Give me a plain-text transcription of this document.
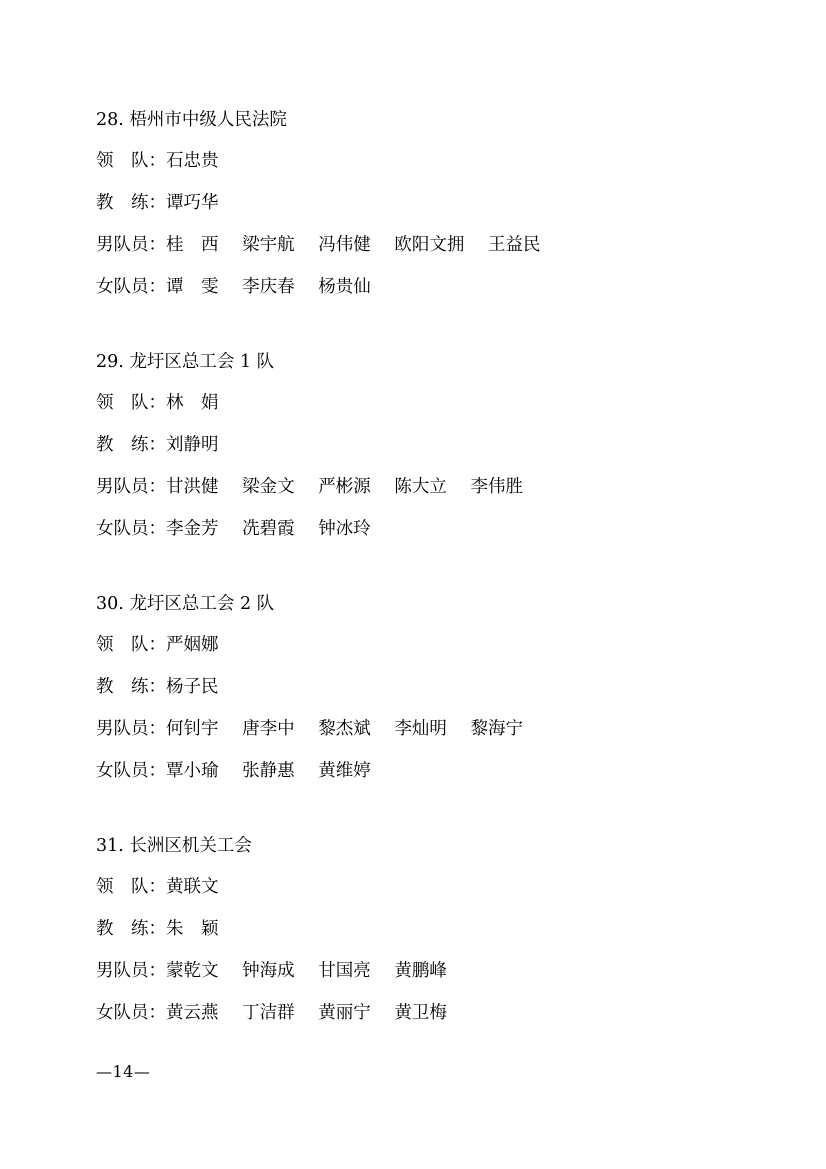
28. 梧州市中级人民法院
领　队：石忠贵
教　练：谭巧华
男队员：桂　西 梁宇航 冯伟健 欧阳文拥 王益民
女队员：谭　雯 李庆春 杨贵仙
29. 龙圩区总工会 1 队
领　队：林　娟
教　练：刘静明
男队员：甘洪健 梁金文 严彬源 陈大立 李伟胜
女队员：李金芳 冼碧霞 钟冰玲
30. 龙圩区总工会 2 队
领　队：严姻娜
教　练：杨子民
男队员：何钊宇 唐李中 黎杰斌 李灿明 黎海宁
女队员：覃小瑜 张静惠 黄维婷
31. 长洲区机关工会
领　队：黄联文
教　练：朱　颖
男队员：蒙乾文 钟海成 甘国亮 黄鹏峰
女队员：黄云燕 丁洁群 黄丽宁 黄卫梅
—14—
